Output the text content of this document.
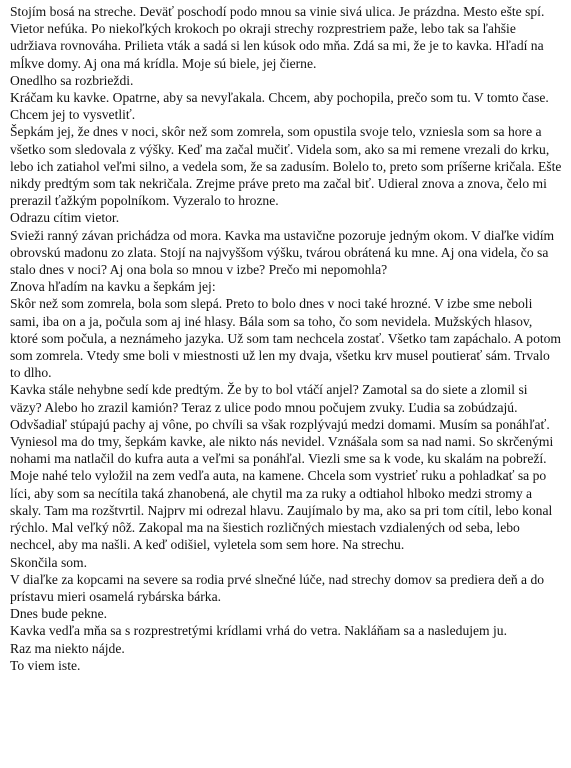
Stojím bosá na streche. Deväť poschodí podo mnou sa vinie sivá ulica. Je prázdna. Mesto ešte spí. Vietor nefúka. Po niekoľkých krokoch po okraji strechy rozprestriem paže, lebo tak sa ľahšie udržiava rovnováha. Prilieta vták a sadá si len kúsok odo mňa. Zdá sa mi, že je to kavka. Hľadí na mĺkve domy. Aj ona má krídla. Moje sú biele, jej čierne.

Onedlho sa rozbrieždi.

Kráčam ku kavke. Opatrne, aby sa nevyľakala. Chcem, aby pochopila, prečo som tu. V tomto čase.

Chcem jej to vysvetliť.

Šepkám jej, že dnes v noci, skôr než som zomrela, som opustila svoje telo, vzniesla som sa hore a všetko som sledovala z výšky. Keď ma začal mučiť. Videla som, ako sa mi remene vrezali do krku, lebo ich zatiahol veľmi silno, a vedela som, že sa zadusím. Bolelo to, preto som príšerne kričala. Ešte nikdy predtým som tak nekričala. Zrejme práve preto ma začal biť. Udieral znova a znova, čelo mi prerazil ťažkým popolníkom. Vyzeralo to hrozne.

Odrazu cítim vietor.

Svieži ranný závan prichádza od mora. Kavka ma ustavične pozoruje jedným okom. V diaľke vidím obrovskú madonu zo zlata. Stojí na najvyššom výšku, tvárou obrátená ku mne. Aj ona videla, čo sa stalo dnes v noci? Aj ona bola so mnou v izbe? Prečo mi nepomohla?

Znova hľadím na kavku a šepkám jej:

Skôr než som zomrela, bola som slepá. Preto to bolo dnes v noci také hrozné. V izbe sme neboli sami, iba on a ja, počula som aj iné hlasy. Bála som sa toho, čo som nevidela. Mužských hlasov, ktoré som počula, a neznámeho jazyka. Už som tam nechcela zostať. Všetko tam zapáchalo. A potom som zomrela. Vtedy sme boli v miestnosti už len my dvaja, všetku krv musel poutierať sám. Trvalo to dlho.

Kavka stále nehybne sedí kde predtým. Že by to bol vtáčí anjel? Zamotal sa do siete a zlomil si väzy? Alebo ho zrazil kamión? Teraz z ulice podo mnou počujem zvuky. Ľudia sa zobúdzajú. Odvšadiaľ stúpajú pachy aj vône, po chvíli sa však rozplývajú medzi domami. Musím sa ponáhľať.

Vyniesol ma do tmy, šepkám kavke, ale nikto nás nevidel. Vznášala som sa nad nami. So skrčenými nohami ma natlačil do kufra auta a veľmi sa ponáhľal. Viezli sme sa k vode, ku skalám na pobreží. Moje nahé telo vyložil na zem vedľa auta, na kamene. Chcela som vystrieť ruku a pohladkať sa po líci, aby som sa necítila taká zhanobená, ale chytil ma za ruky a odtiahol hlboko medzi stromy a skaly. Tam ma rozštvrtil. Najprv mi odrezal hlavu. Zaujímalo by ma, ako sa pri tom cítil, lebo konal rýchlo. Mal veľký nôž. Zakopal ma na šiestich rozličných miestach vzdialených od seba, lebo nechcel, aby ma našli. A keď odišiel, vyletela som sem hore. Na strechu.

Skončila som.

V diaľke za kopcami na severe sa rodia prvé slnečné lúče, nad strechy domov sa prediera deň a do prístavu mieri osamelá rybárska bárka.

Dnes bude pekne.

Kavka vedľa mňa sa s rozprestretými krídlami vrhá do vetra. Nakláňam sa a nasledujem ju.

Raz ma niekto nájde.

To viem iste.
